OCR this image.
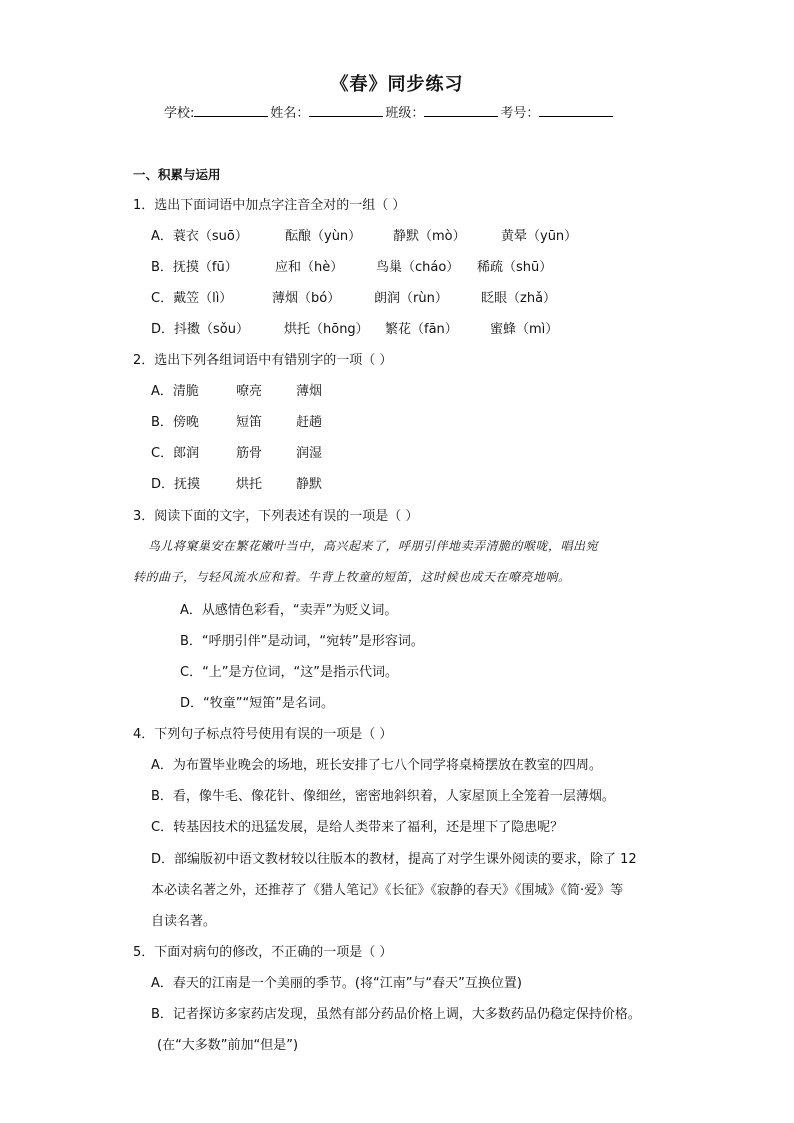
《春》同步练习
学校:	姓名：	班级：	考号：
一、积累与运用
1．选出下面词语中加点字注音全对的一组（ ）
A．蓑衣（suō）	酝酿（yùn） 静默（mò）	黄晕（yūn）
B．抚摸（fū）	应和（hè）	鸟巢（cháo） 稀疏（shū）
C．戴笠（lì）	薄烟（bó）	朗润（rùn）	眨眼（zhǎ）
D．抖擞（sǒu）	烘托（hōng） 繁花（fān） 蜜蜂（mì）
2．选出下列各组词语中有错别字的一项（ ）
A．清脆	嘹亮	薄烟
B．傍晚	短笛	赶趟
C．郎润	筋骨	润湿
D．抚摸	烘托	静默
3．阅读下面的文字，下列表述有误的一项是（ ）
鸟儿将窠巢安在繁花嫩叶当中，高兴起来了，呼朋引伴地卖弄清脆的喉咙，唱出宛
转的曲子，与轻风流水应和着。牛背上牧童的短笛，这时候也成天在嘹亮地响。
A．从感情色彩看，“卖弄”为贬义词。
B．“呼朋引伴”是动词，“宛转”是形容词。
C．“上”是方位词，“这”是指示代词。
D．“牧童”“短笛”是名词。
4．下列句子标点符号使用有误的一项是（ ）
A．为布置毕业晚会的场地，班长安排了七八个同学将桌椅摆放在教室的四周。
B．看，像牛毛、像花针、像细丝，密密地斜织着，人家屋顶上全笼着一层薄烟。
C．转基因技术的迅猛发展，是给人类带来了福利，还是埋下了隐患呢？
D．部编版初中语文教材较以往版本的教材，提高了对学生课外阅读的要求，除了 12
本必读名著之外，还推荐了《猎人笔记》《长征》《寂静的春天》《围城》《简·爱》等
自读名著。
5．下面对病句的修改，不正确的一项是（ ）
A．春天的江南是一个美丽的季节。(将“江南”与“春天”互换位置)
B．记者探访多家药店发现，虽然有部分药品价格上调，大多数药品仍稳定保持价格。
(在“大多数”前加“但是”)
